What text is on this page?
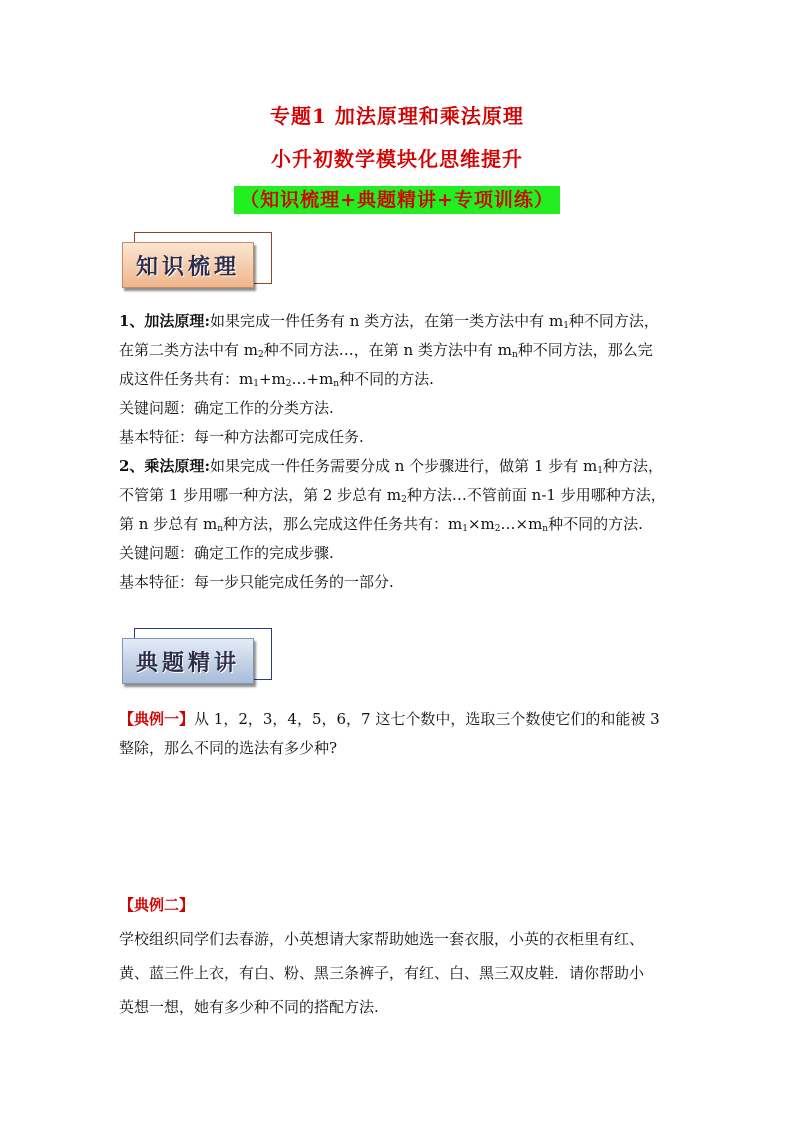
专题1 加法原理和乘法原理
小升初数学模块化思维提升
（知识梳理+典题精讲+专项训练）
知识梳理

1、加法原理:如果完成一件任务有 n 类方法，在第一类方法中有 $m_1$种不同方法，

在第二类方法中有 $m_2$种不同方法…，在第 n 类方法中有 $m_n$种不同方法，那么完

成这件任务共有：$m_1+m_2\dots+m_n$种不同的方法.

关键问题：确定工作的分类方法.

基本特征：每一种方法都可完成任务.

2、乘法原理:如果完成一件任务需要分成 n 个步骤进行，做第 1 步有 $m_1$种方法，

不管第 1 步用哪一种方法，第 2 步总有 $m_2$种方法…不管前面 n-1 步用哪种方法，

第 n 步总有 $m_n$种方法，那么完成这件任务共有：$m_1\times m_2\dots\times m_n$种不同的方法.

关键问题：确定工作的完成步骤.

基本特征：每一步只能完成任务的一部分.

典题精讲

【典例一】从 1，2，3，4，5，6，7 这七个数中，选取三个数使它们的和能被 3

整除，那么不同的选法有多少种?

【典例二】

学校组织同学们去春游，小英想请大家帮助她选一套衣服，小英的衣柜里有红、

黄、蓝三件上衣，有白、粉、黑三条裤子，有红、白、黑三双皮鞋．请你帮助小

英想一想，她有多少种不同的搭配方法.
